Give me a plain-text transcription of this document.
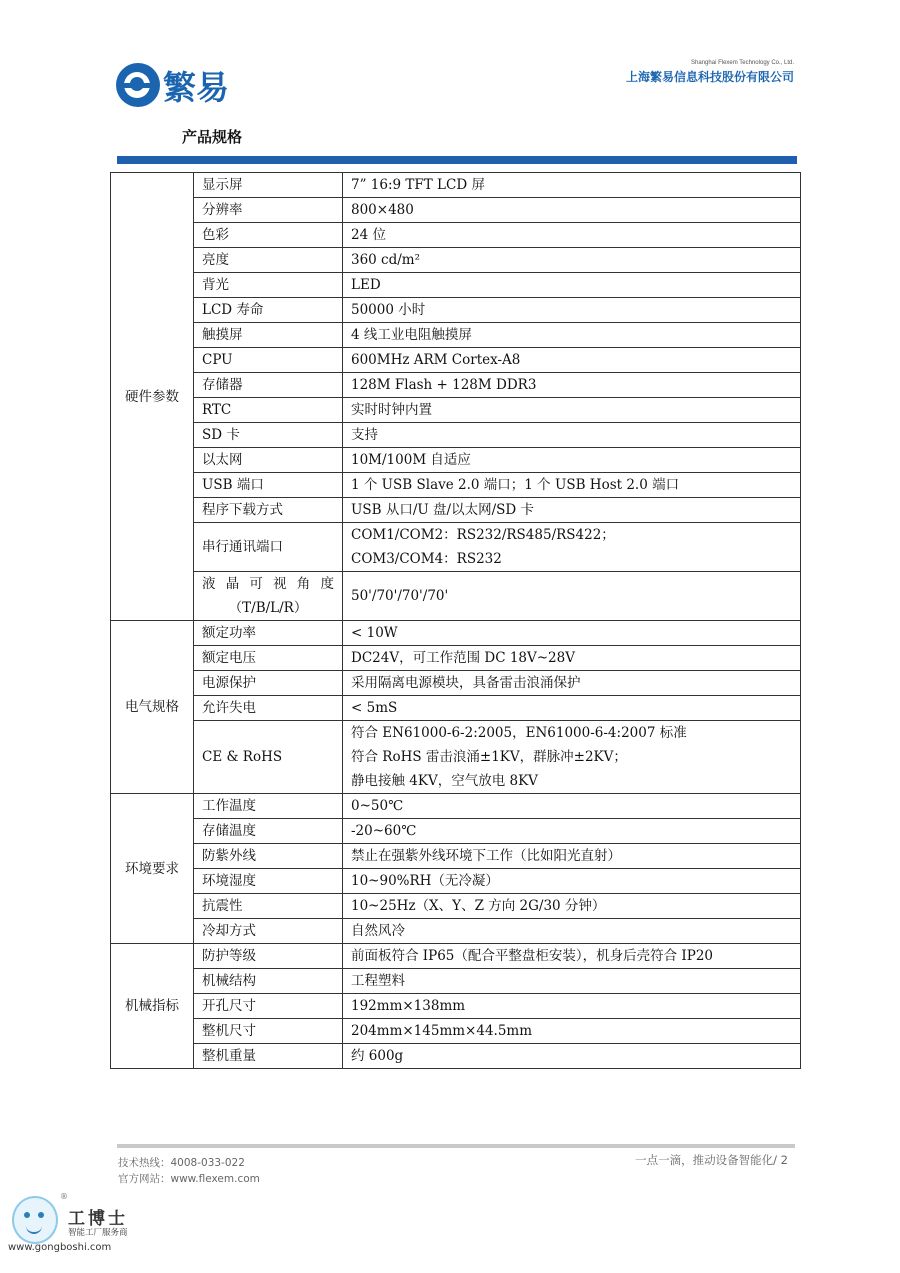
繁易
Shanghai Flexem Technology Co., Ltd.
上海繁易信息科技股份有限公司
产品规格
硬件参数	显示屏	7” 16:9 TFT LCD 屏
	分辨率	800×480
	色彩	24 位
	亮度	360 cd/m²
	背光	LED
	LCD 寿命	50000 小时
	触摸屏	4 线工业电阻触摸屏
	CPU	600MHz ARM Cortex-A8
	存储器	128M Flash + 128M DDR3
	RTC	实时时钟内置
	SD 卡	支持
	以太网	10M/100M 自适应
	USB 端口	1 个 USB Slave 2.0 端口；1 个 USB Host 2.0 端口
	程序下载方式	USB 从口/U 盘/以太网/SD 卡
	串行通讯端口	COM1/COM2：RS232/RS485/RS422；
COM3/COM4：RS232

	液晶可视角度
（T/B/L/R）	50'/70'/70'/70'
电气规格	额定功率	< 10W
	额定电压	DC24V，可工作范围 DC 18V~28V
	电源保护	采用隔离电源模块，具备雷击浪涌保护
	允许失电	< 5mS
	CE & RoHS	符合 EN61000-6-2:2005，EN61000-6-4:2007 标准
符合 RoHS 雷击浪涌±1KV，群脉冲±2KV；
静电接触 4KV，空气放电 8KV

环境要求	工作温度	0~50℃
	存储温度	-20~60℃
	防紫外线	禁止在强紫外线环境下工作（比如阳光直射）
	环境湿度	10~90%RH（无冷凝）
	抗震性	10~25Hz（X、Y、Z 方向 2G/30 分钟）
	冷却方式	自然风冷
机械指标	防护等级	前面板符合 IP65（配合平整盘柜安装），机身后壳符合 IP20
	机械结构	工程塑料
	开孔尺寸	192mm×138mm
	整机尺寸	204mm×145mm×44.5mm
	整机重量	约 600g
技术热线：4008-033-022
官方网站：www.flexem.com
一点一滴，推动设备智能化/ 2
®
工博士
智能工厂服务商
www.gongboshi.com
